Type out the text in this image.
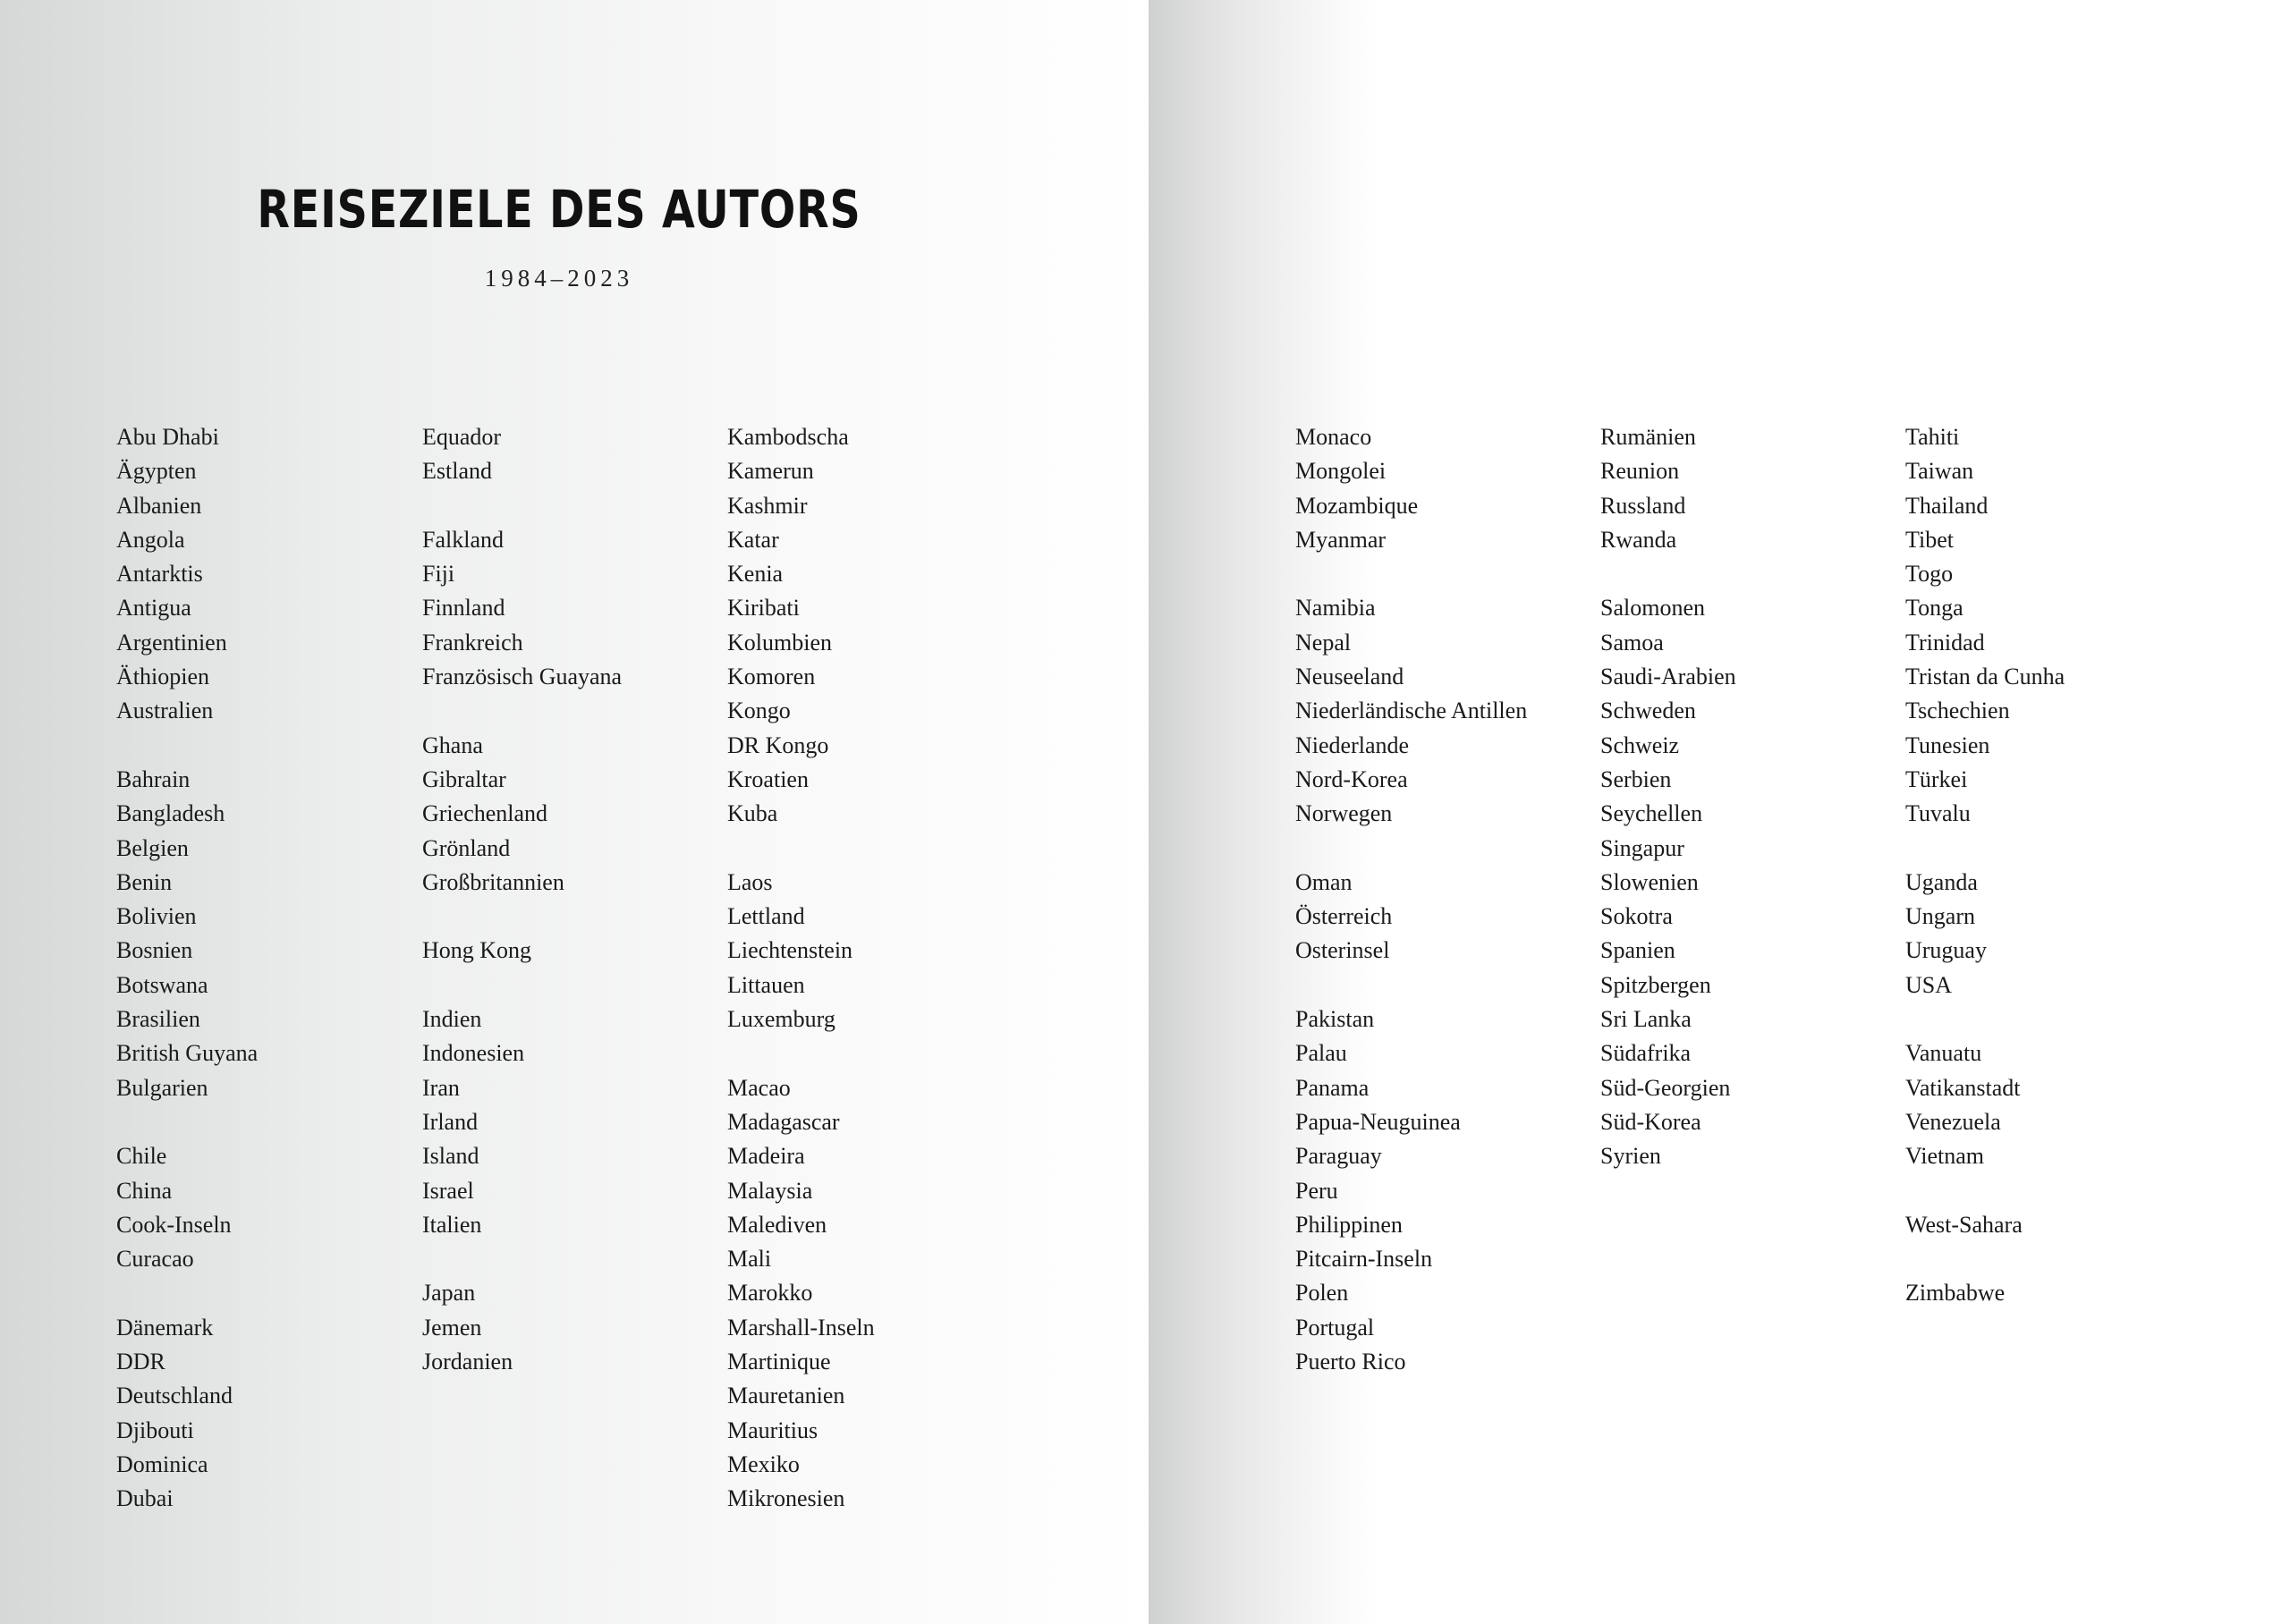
REISEZIELE DES AUTORS
1984–2023
Abu Dhabi
Ägypten
Albanien
Angola
Antarktis
Antigua
Argentinien
Äthiopien
Australien
Bahrain
Bangladesh
Belgien
Benin
Bolivien
Bosnien
Botswana
Brasilien
British Guyana
Bulgarien
Chile
China
Cook-Inseln
Curacao
Dänemark
DDR
Deutschland
Djibouti
Dominica
Dubai
Equador
Estland
Falkland
Fiji
Finnland
Frankreich
Französisch Guayana
Ghana
Gibraltar
Griechenland
Grönland
Großbritannien
Hong Kong
Indien
Indonesien
Iran
Irland
Island
Israel
Italien
Japan
Jemen
Jordanien
Kambodscha
Kamerun
Kashmir
Katar
Kenia
Kiribati
Kolumbien
Komoren
Kongo
DR Kongo
Kroatien
Kuba
Laos
Lettland
Liechtenstein
Littauen
Luxemburg
Macao
Madagascar
Madeira
Malaysia
Malediven
Mali
Marokko
Marshall-Inseln
Martinique
Mauretanien
Mauritius
Mexiko
Mikronesien
Monaco
Mongolei
Mozambique
Myanmar
Namibia
Nepal
Neuseeland
Niederländische Antillen
Niederlande
Nord-Korea
Norwegen
Oman
Österreich
Osterinsel
Pakistan
Palau
Panama
Papua-Neuguinea
Paraguay
Peru
Philippinen
Pitcairn-Inseln
Polen
Portugal
Puerto Rico
Rumänien
Reunion
Russland
Rwanda
Salomonen
Samoa
Saudi-Arabien
Schweden
Schweiz
Serbien
Seychellen
Singapur
Slowenien
Sokotra
Spanien
Spitzbergen
Sri Lanka
Südafrika
Süd-Georgien
Süd-Korea
Syrien
Tahiti
Taiwan
Thailand
Tibet
Togo
Tonga
Trinidad
Tristan da Cunha
Tschechien
Tunesien
Türkei
Tuvalu
Uganda
Ungarn
Uruguay
USA
Vanuatu
Vatikanstadt
Venezuela
Vietnam
West-Sahara
Zimbabwe
